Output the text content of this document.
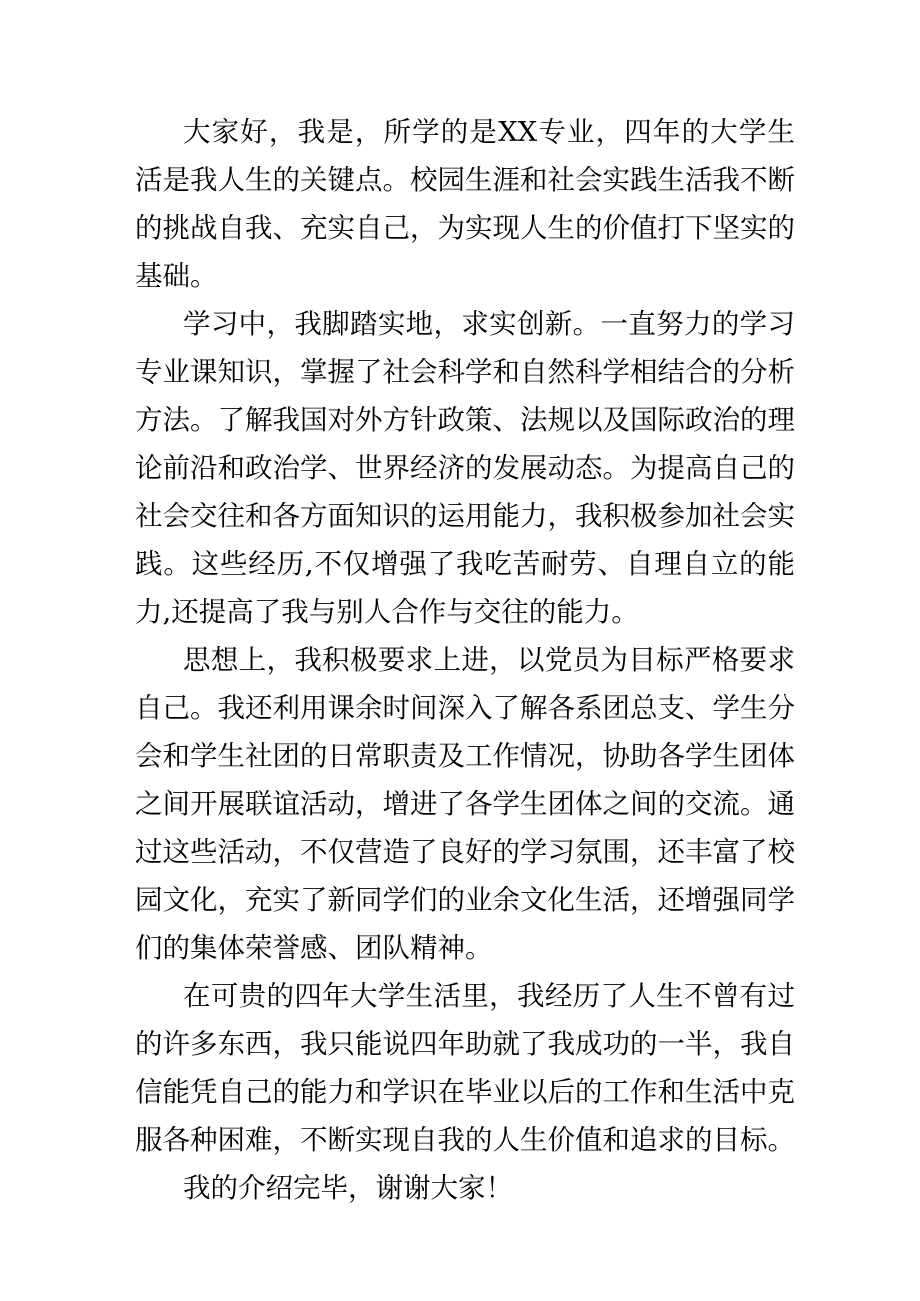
大家好，我是，所学的是XX专业，四年的大学生活是我人生的关键点。校园生涯和社会实践生活我不断的挑战自我、充实自己，为实现人生的价值打下坚实的基础。

学习中，我脚踏实地，求实创新。一直努力的学习专业课知识，掌握了社会科学和自然科学相结合的分析方法。了解我国对外方针政策、法规以及国际政治的理论前沿和政治学、世界经济的发展动态。为提高自己的社会交往和各方面知识的运用能力，我积极参加社会实践。这些经历,不仅增强了我吃苦耐劳、自理自立的能力,还提高了我与别人合作与交往的能力。

思想上，我积极要求上进，以党员为目标严格要求自己。我还利用课余时间深入了解各系团总支、学生分会和学生社团的日常职责及工作情况，协助各学生团体之间开展联谊活动，增进了各学生团体之间的交流。通过这些活动，不仅营造了良好的学习氛围，还丰富了校园文化，充实了新同学们的业余文化生活，还增强同学们的集体荣誉感、团队精神。

在可贵的四年大学生活里，我经历了人生不曾有过的许多东西，我只能说四年助就了我成功的一半，我自信能凭自己的能力和学识在毕业以后的工作和生活中克服各种困难，不断实现自我的人生价值和追求的目标。

我的介绍完毕，谢谢大家！
